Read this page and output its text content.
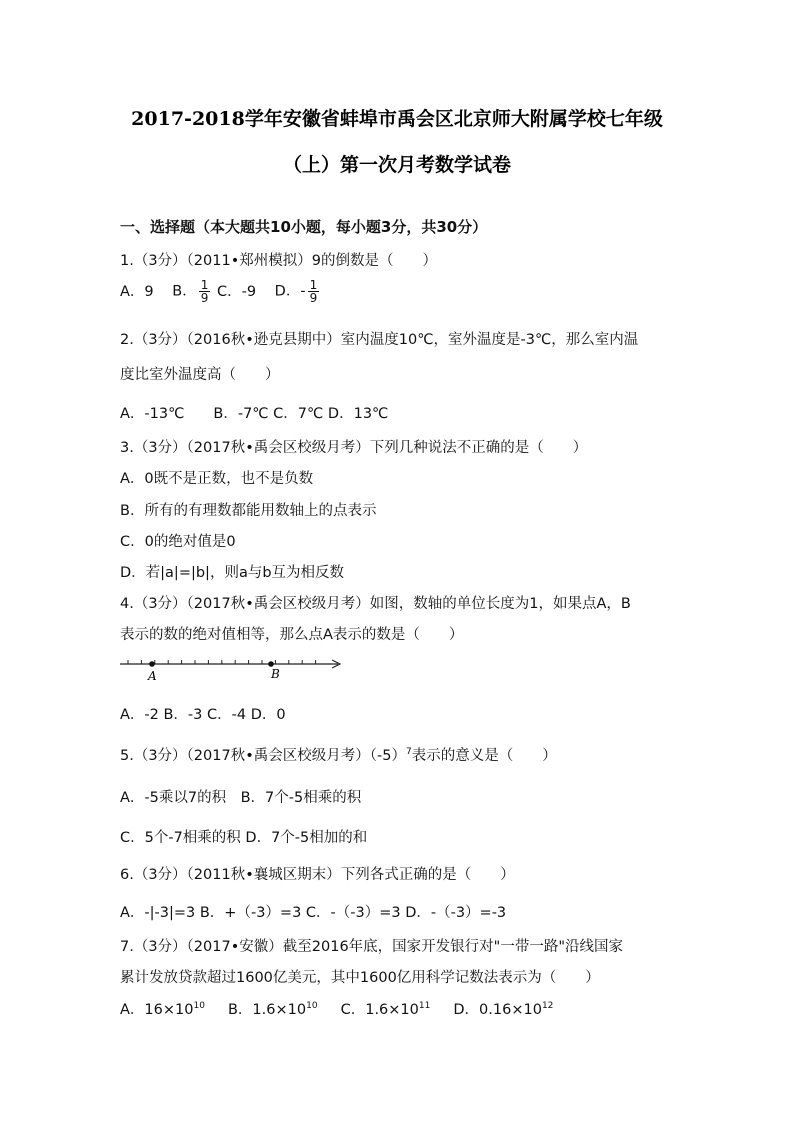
2017-2018学年安徽省蚌埠市禹会区北京师大附属学校七年级
（上）第一次月考数学试卷
一、选择题（本大题共10小题，每小题3分，共30分）
1.（3分）（2011•郑州模拟）9的倒数是（　　）
A．9 B． $\frac{1}{9}$ C．-9 D．- $\frac{1}{9}$
2.（3分）（2016秋•逊克县期中）室内温度10℃，室外温度是-3℃，那么室内温
度比室外温度高（　　）
A．-13℃　　B．-7℃ C．7℃ D．13℃
3.（3分）（2017秋•禹会区校级月考）下列几种说法不正确的是（　　）
A．0既不是正数，也不是负数
B．所有的有理数都能用数轴上的点表示
C．0的绝对值是0
D．若|a|=|b|，则a与b互为相反数
4.（3分）（2017秋•禹会区校级月考）如图，数轴的单位长度为1，如果点A，B
表示的数的绝对值相等，那么点A表示的数是（　　）
A	B
A．-2 B．-3 C．-4 D．0
5.（3分）（2017秋•禹会区校级月考）$(-5)^7$表示的意义是（　　）
A．-5乘以7的积　B．7个-5相乘的积
C．5个-7相乘的积 D．7个-5相加的和
6.（3分）（2011秋•襄城区期末）下列各式正确的是（　　）
A．-|-3|=3 B．+（-3）=3 C．-（-3）=3 D．-（-3）=-3
7.（3分）（2017•安徽）截至2016年底，国家开发银行对"一带一路"沿线国家
累计发放贷款超过1600亿美元，其中1600亿用科学记数法表示为（　　）
A．$16\times 10^{10}$ B．$1.6\times 10^{10}$ C．$1.6\times 10^{11}$ D．$0.16\times 10^{12}$
